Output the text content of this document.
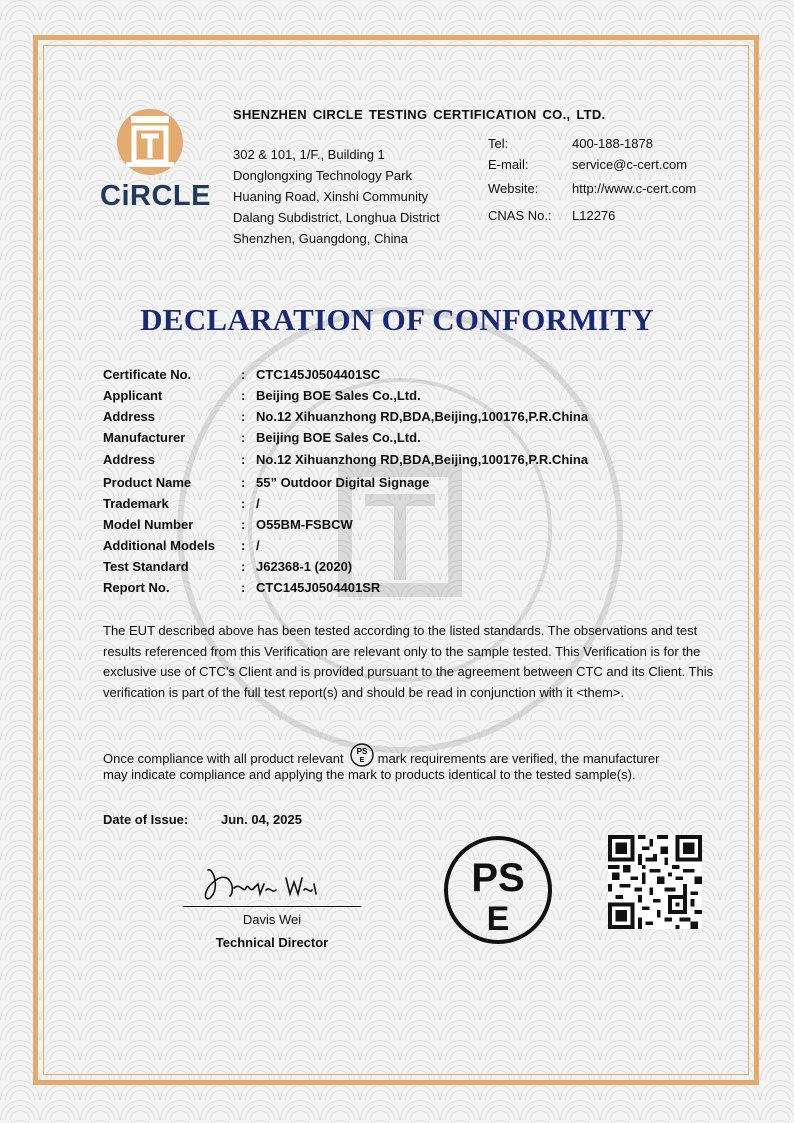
CiRCLE
SHENZHEN CIRCLE TESTING CERTIFICATION CO., LTD.
302 & 101, 1/F., Building 1
Donglongxing Technology Park
Huaning Road, Xinshi Community
Dalang Subdistrict, Longhua District
Shenzhen, Guangdong, China
Tel:	400-188-1878
E-mail:	service@c-cert.com
Website:	http://www.c-cert.com
CNAS No.: L12276
DECLARATION OF CONFORMITY
Certificate No.	: CTC145J0504401SC
Applicant	: Beijing BOE Sales Co.,Ltd.
Address	: No.12 Xihuanzhong RD,BDA,Beijing,100176,P.R.China
Manufacturer	: Beijing BOE Sales Co.,Ltd.
Address	: No.12 Xihuanzhong RD,BDA,Beijing,100176,P.R.China
Product Name	: 55” Outdoor Digital Signage
Trademark	: /
Model Number	: O55BM-FSBCW
Additional Models : /
Test Standard	: J62368-1 (2020)
Report No.	: CTC145J0504401SR
The EUT described above has been tested according to the listed standards. The observations and test results referenced from this Verification are relevant only to the sample tested. This Verification is for the exclusive use of CTC’s Client and is provided pursuant to the agreement between CTC and its Client. This verification is part of the full test report(s) and should be read in conjunction with it <them>.
Once compliance with all product relevant PS
E mark requirements are verified, the manufacturer
may indicate compliance and applying the mark to products identical to the tested sample(s).
Date of Issue:	Jun. 04, 2025
Davis Wei
Technical Director
PS
E
